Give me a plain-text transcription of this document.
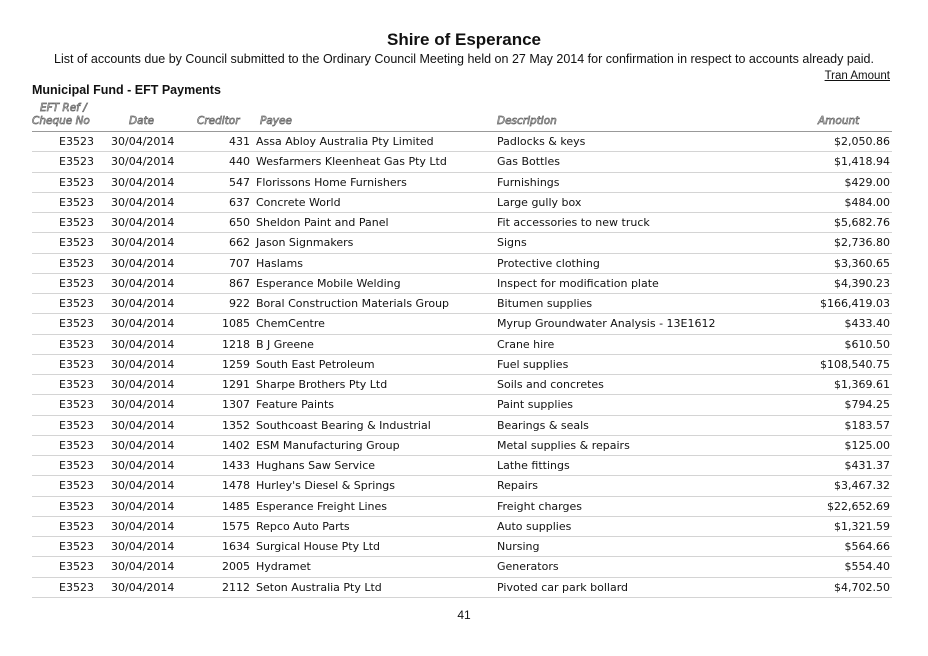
Shire of Esperance
List of accounts due by Council submitted to the Ordinary Council Meeting held on 27 May 2014 for confirmation in respect to accounts already paid.
Tran Amount
Municipal Fund - EFT Payments
EFT Ref /
Cheque No	Date	Creditor Payee	Description	Amount
E3523 30/04/2014	431 Assa Abloy Australia Pty Limited	Padlocks & keys	$2,050.86
E3523 30/04/2014	440 Wesfarmers Kleenheat Gas Pty Ltd	Gas Bottles	$1,418.94
E3523 30/04/2014	547 Florissons Home Furnishers	Furnishings	$429.00
E3523 30/04/2014	637 Concrete World	Large gully box	$484.00
E3523 30/04/2014	650 Sheldon Paint and Panel	Fit accessories to new truck	$5,682.76
E3523 30/04/2014	662 Jason Signmakers	Signs	$2,736.80
E3523 30/04/2014	707 Haslams	Protective clothing	$3,360.65
E3523 30/04/2014	867 Esperance Mobile Welding	Inspect for modification plate	$4,390.23
E3523 30/04/2014	922 Boral Construction Materials Group	Bitumen supplies	$166,419.03
E3523 30/04/2014	1085 ChemCentre	Myrup Groundwater Analysis - 13E1612	$433.40
E3523 30/04/2014	1218 B J Greene	Crane hire	$610.50
E3523 30/04/2014	1259 South East Petroleum	Fuel supplies	$108,540.75
E3523 30/04/2014	1291 Sharpe Brothers Pty Ltd	Soils and concretes	$1,369.61
E3523 30/04/2014	1307 Feature Paints	Paint supplies	$794.25
E3523 30/04/2014	1352 Southcoast Bearing & Industrial	Bearings & seals	$183.57
E3523 30/04/2014	1402 ESM Manufacturing Group	Metal supplies & repairs	$125.00
E3523 30/04/2014	1433 Hughans Saw Service	Lathe fittings	$431.37
E3523 30/04/2014	1478 Hurley's Diesel & Springs	Repairs	$3,467.32
E3523 30/04/2014	1485 Esperance Freight Lines	Freight charges	$22,652.69
E3523 30/04/2014	1575 Repco Auto Parts	Auto supplies	$1,321.59
E3523 30/04/2014	1634 Surgical House Pty Ltd	Nursing	$564.66
E3523 30/04/2014	2005 Hydramet	Generators	$554.40
E3523 30/04/2014	2112 Seton Australia Pty Ltd	Pivoted car park bollard	$4,702.50
41
